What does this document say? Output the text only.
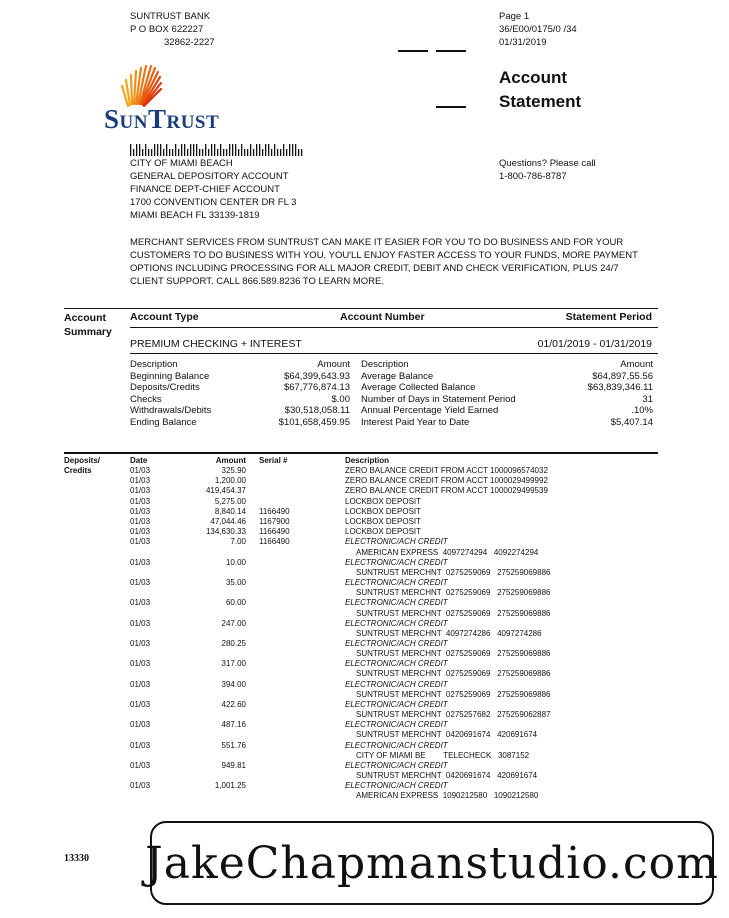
SUNTRUST BANK
P O BOX 622227
32862-2227
Page 1
36/E00/0175/0 /34
01/31/2019
Account
Statement
SunTrust
CITY OF MIAMI BEACH
GENERAL DEPOSITORY ACCOUNT
FINANCE DEPT-CHIEF ACCOUNT
1700 CONVENTION CENTER DR FL 3
MIAMI BEACH FL 33139-1819
Questions? Please call
1-800-786-8787
MERCHANT SERVICES FROM SUNTRUST CAN MAKE IT EASIER FOR YOU TO DO BUSINESS AND FOR YOUR CUSTOMERS TO DO BUSINESS WITH YOU. YOU'LL ENJOY FASTER ACCESS TO YOUR FUNDS, MORE PAYMENT OPTIONS INCLUDING PROCESSING FOR ALL MAJOR CREDIT, DEBIT AND CHECK VERIFICATION, PLUS 24/7 CLIENT SUPPORT. CALL 866.589.8236 TO LEARN MORE.
Account
Summary
Account Type	Account Number	Statement Period
PREMIUM CHECKING + INTEREST	01/01/2019 - 01/31/2019
Description	Amount
Beginning Balance	$64,399,643.93
Deposits/Credits	$67,776,874.13
Checks	$.00
Withdrawals/Debits	$30,518,058.11
Ending Balance	$101,658,459.95
Description	Amount
Average Balance	$64,897,55.56
Average Collected Balance	$63,839,346.11
Number of Days in Statement Period	31
Annual Percentage Yield Earned	.10%
Interest Paid Year to Date	$5,407.14
Deposits/
Credits
Date	Amount Serial #	Description
01/03	325.90	ZERO BALANCE CREDIT FROM ACCT 1000096574032
01/03	1,200.00	ZERO BALANCE CREDIT FROM ACCT 1000029499992
01/03	419,454.37	ZERO BALANCE CREDIT FROM ACCT 1000029499539
01/03	5,275.00	LOCKBOX DEPOSIT
01/03	8,840.14 1166490	LOCKBOX DEPOSIT
01/03	47,044.46 1167900	LOCKBOX DEPOSIT
01/03	134,630.33 1166490	LOCKBOX DEPOSIT
01/03	7.00 1166490	ELECTRONIC/ACH CREDIT
AMERICAN EXPRESS  4097274294   4092274294
01/03	10.00	ELECTRONIC/ACH CREDIT
SUNTRUST MERCHNT  0275259069   275259069886
01/03	35.00	ELECTRONIC/ACH CREDIT
SUNTRUST MERCHNT  0275259069   275259069886
01/03	60.00	ELECTRONIC/ACH CREDIT
SUNTRUST MERCHNT  0275259069   275259069886
01/03	247.00	ELECTRONIC/ACH CREDIT
SUNTRUST MERCHNT  4097274286   4097274286
01/03	280.25	ELECTRONIC/ACH CREDIT
SUNTRUST MERCHNT  0275259069   275259069886
01/03	317.00	ELECTRONIC/ACH CREDIT
SUNTRUST MERCHNT  0275259069   275259069886
01/03	394.00	ELECTRONIC/ACH CREDIT
SUNTRUST MERCHNT  0275259069   275259069886
01/03	422.60	ELECTRONIC/ACH CREDIT
SUNTRUST MERCHNT  0275257682   275259062887
01/03	487.16	ELECTRONIC/ACH CREDIT
SUNTRUST MERCHNT  0420691674   420691674
01/03	551.76	ELECTRONIC/ACH CREDIT
CITY OF MIAMI BE        TELECHECK   3087152
01/03	949.81	ELECTRONIC/ACH CREDIT
SUNTRUST MERCHNT  0420691674   420691674
01/03	1,001.25	ELECTRONIC/ACH CREDIT
AMERICAN EXPRESS  1090212580   1090212580
JakeChapmanstudio.com
13330
